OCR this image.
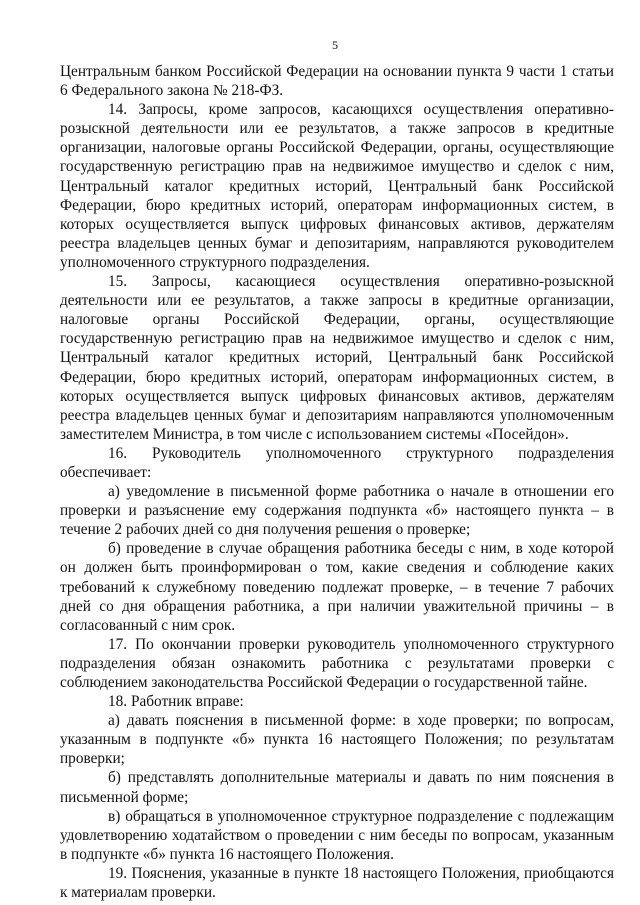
5

Центральным банком Российской Федерации на основании пункта 9 части 1 статьи 6 Федерального закона № 218-ФЗ.

14. Запросы, кроме запросов, касающихся осуществления оперативно-розыскной деятельности или ее результатов, а также запросов в кредитные организации, налоговые органы Российской Федерации, органы, осуществляющие государственную регистрацию прав на недвижимое имущество и сделок с ним, Центральный каталог кредитных историй, Центральный банк Российской Федерации, бюро кредитных историй, операторам информационных систем, в которых осуществляется выпуск цифровых финансовых активов, держателям реестра владельцев ценных бумаг и депозитариям, направляются руководителем уполномоченного структурного подразделения.

15. Запросы, касающиеся осуществления оперативно-розыскной деятельности или ее результатов, а также запросы в кредитные организации, налоговые органы Российской Федерации, органы, осуществляющие государственную регистрацию прав на недвижимое имущество и сделок с ним, Центральный каталог кредитных историй, Центральный банк Российской Федерации, бюро кредитных историй, операторам информационных систем, в которых осуществляется выпуск цифровых финансовых активов, держателям реестра владельцев ценных бумаг и депозитариям направляются уполномоченным заместителем Министра, в том числе с использованием системы «Посейдон».

16. Руководитель уполномоченного структурного подразделения обеспечивает:

а) уведомление в письменной форме работника о начале в отношении его проверки и разъяснение ему содержания подпункта «б» настоящего пункта – в течение 2 рабочих дней со дня получения решения о проверке;

б) проведение в случае обращения работника беседы с ним, в ходе которой он должен быть проинформирован о том, какие сведения и соблюдение каких требований к служебному поведению подлежат проверке, – в течение 7 рабочих дней со дня обращения работника, а при наличии уважительной причины – в согласованный с ним срок.

17. По окончании проверки руководитель уполномоченного структурного подразделения обязан ознакомить работника с результатами проверки с соблюдением законодательства Российской Федерации о государственной тайне.

18. Работник вправе:

а) давать пояснения в письменной форме: в ходе проверки; по вопросам, указанным в подпункте «б» пункта 16 настоящего Положения; по результатам проверки;

б) представлять дополнительные материалы и давать по ним пояснения в письменной форме;

в) обращаться в уполномоченное структурное подразделение с подлежащим удовлетворению ходатайством о проведении с ним беседы по вопросам, указанным в подпункте «б» пункта 16 настоящего Положения.

19. Пояснения, указанные в пункте 18 настоящего Положения, приобщаются к материалам проверки.
